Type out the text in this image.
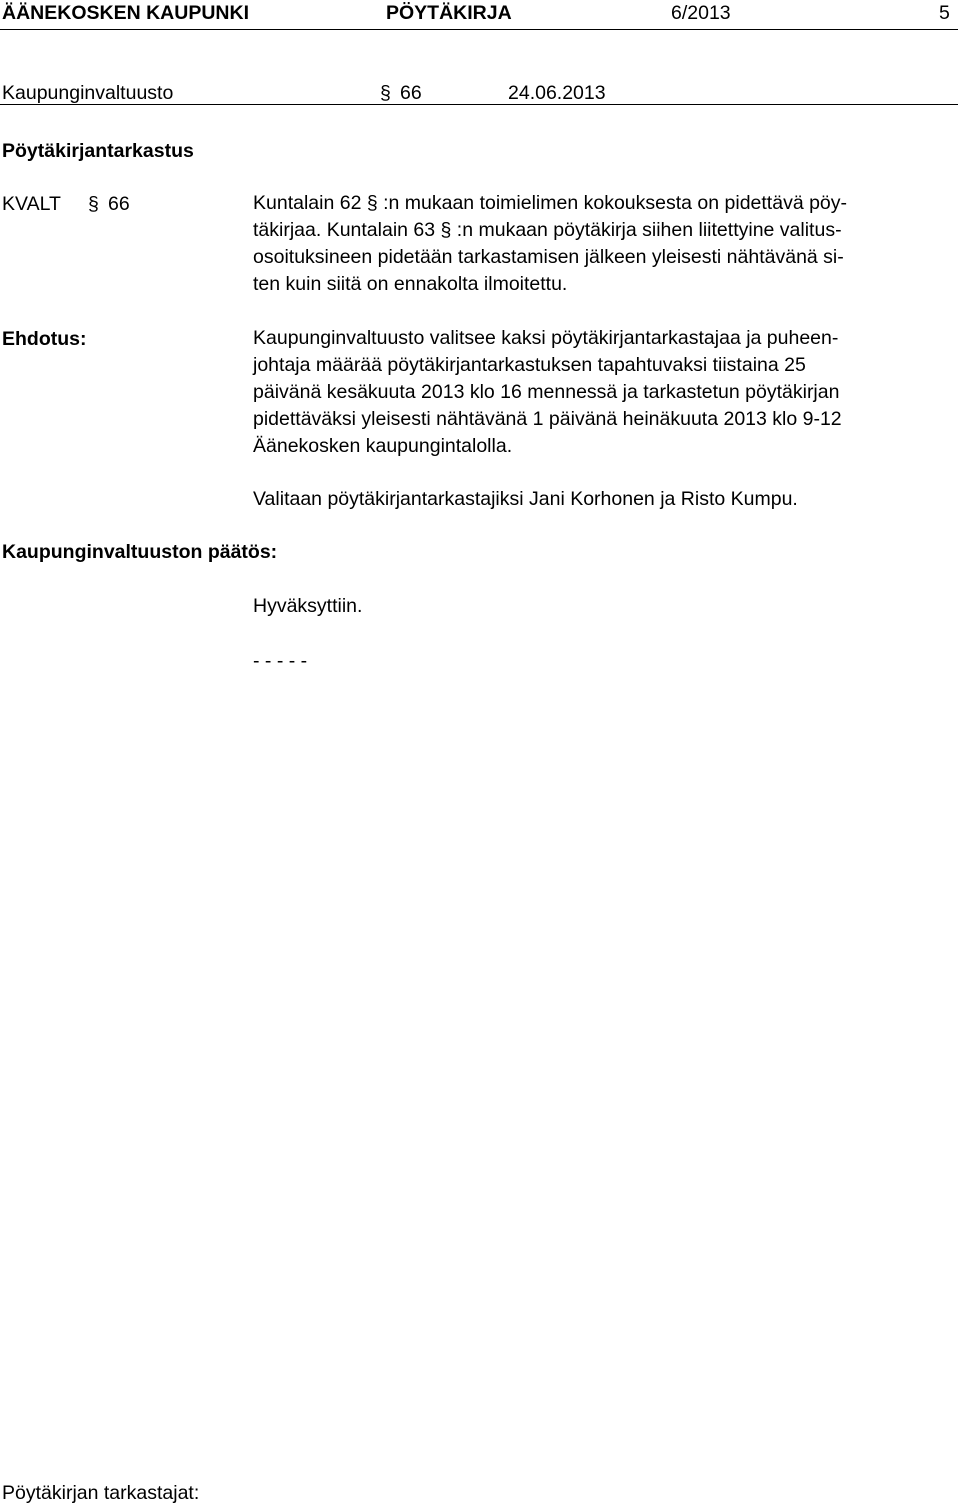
ÄÄNEKOSKEN KAUPUNKI	PÖYTÄKIRJA	6/2013	5
Kaupunginvaltuusto	§ 66	24.06.2013
Pöytäkirjantarkastus
KVALT § 66	Kuntalain 62 § :n mukaan toimielimen kokouksesta on pidettävä pöy-
täkirjaa. Kuntalain 63 § :n mukaan pöytäkirja siihen liitettyine valitus-
osoituksineen pidetään tarkastamisen jälkeen yleisesti nähtävänä si-
ten kuin siitä on ennakolta ilmoitettu.
Ehdotus:	Kaupunginvaltuusto valitsee kaksi pöytäkirjantarkastajaa ja puheen-
johtaja määrää pöytäkirjantarkastuksen tapahtuvaksi tiistaina 25
päivänä kesäkuuta 2013 klo 16 mennessä ja tarkastetun pöytäkirjan
pidettäväksi yleisesti nähtävänä 1 päivänä heinäkuuta 2013 klo 9-12
Äänekosken kaupungintalolla.
Valitaan pöytäkirjantarkastajiksi Jani Korhonen ja Risto Kumpu.
Kaupunginvaltuuston päätös:
Hyväksyttiin.
- - - - -
Pöytäkirjan tarkastajat:
